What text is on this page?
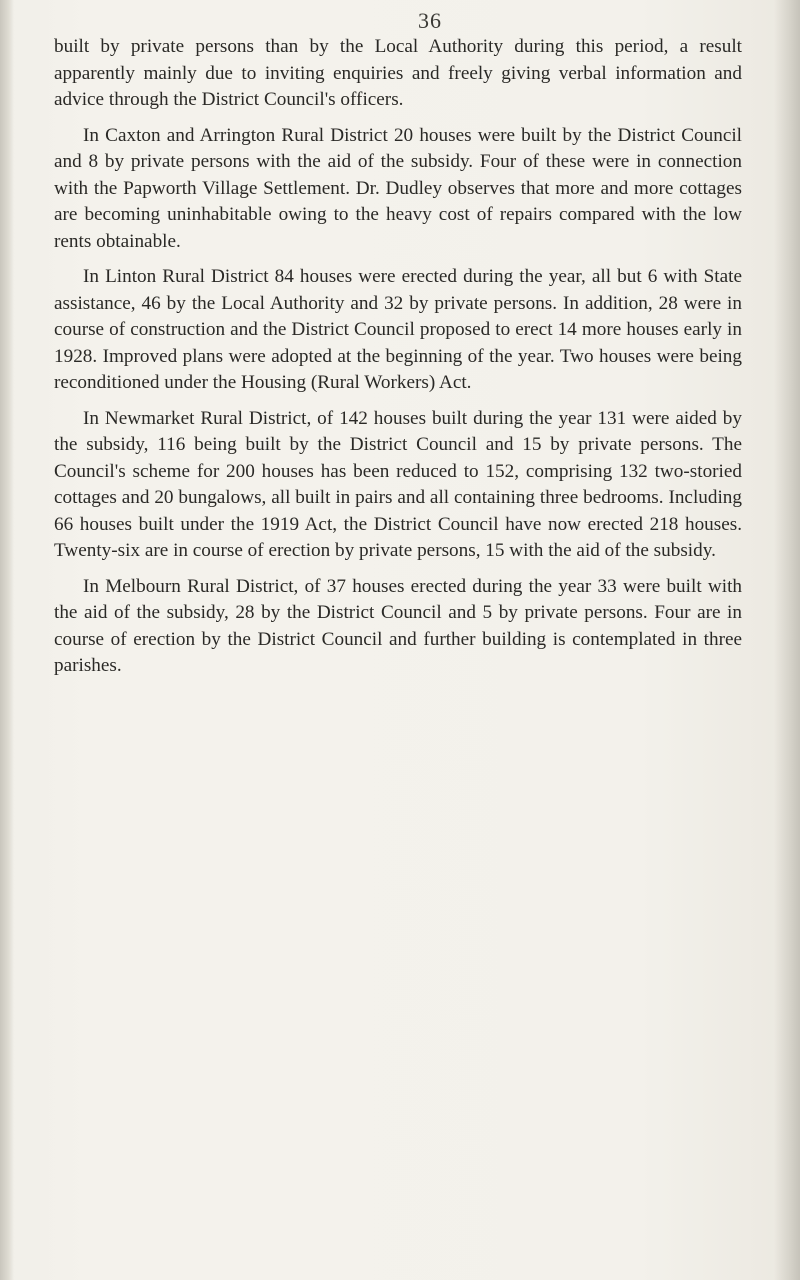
36

built by private persons than by the Local Authority during this period, a result apparently mainly due to inviting enquiries and freely giving verbal information and advice through the District Council's officers.

In Caxton and Arrington Rural District 20 houses were built by the District Council and 8 by private persons with the aid of the subsidy. Four of these were in connection with the Papworth Village Settlement. Dr. Dudley observes that more and more cottages are becoming uninhabitable owing to the heavy cost of repairs compared with the low rents obtainable.

In Linton Rural District 84 houses were erected during the year, all but 6 with State assistance, 46 by the Local Authority and 32 by private persons. In addition, 28 were in course of construction and the District Council proposed to erect 14 more houses early in 1928. Improved plans were adopted at the beginning of the year. Two houses were being reconditioned under the Housing (Rural Workers) Act.

In Newmarket Rural District, of 142 houses built during the year 131 were aided by the subsidy, 116 being built by the District Council and 15 by private persons. The Council's scheme for 200 houses has been reduced to 152, comprising 132 two-storied cottages and 20 bungalows, all built in pairs and all containing three bedrooms. Including 66 houses built under the 1919 Act, the District Council have now erected 218 houses. Twenty-six are in course of erection by private persons, 15 with the aid of the subsidy.

In Melbourn Rural District, of 37 houses erected during the year 33 were built with the aid of the subsidy, 28 by the District Council and 5 by private persons. Four are in course of erection by the District Council and further building is contemplated in three parishes.
